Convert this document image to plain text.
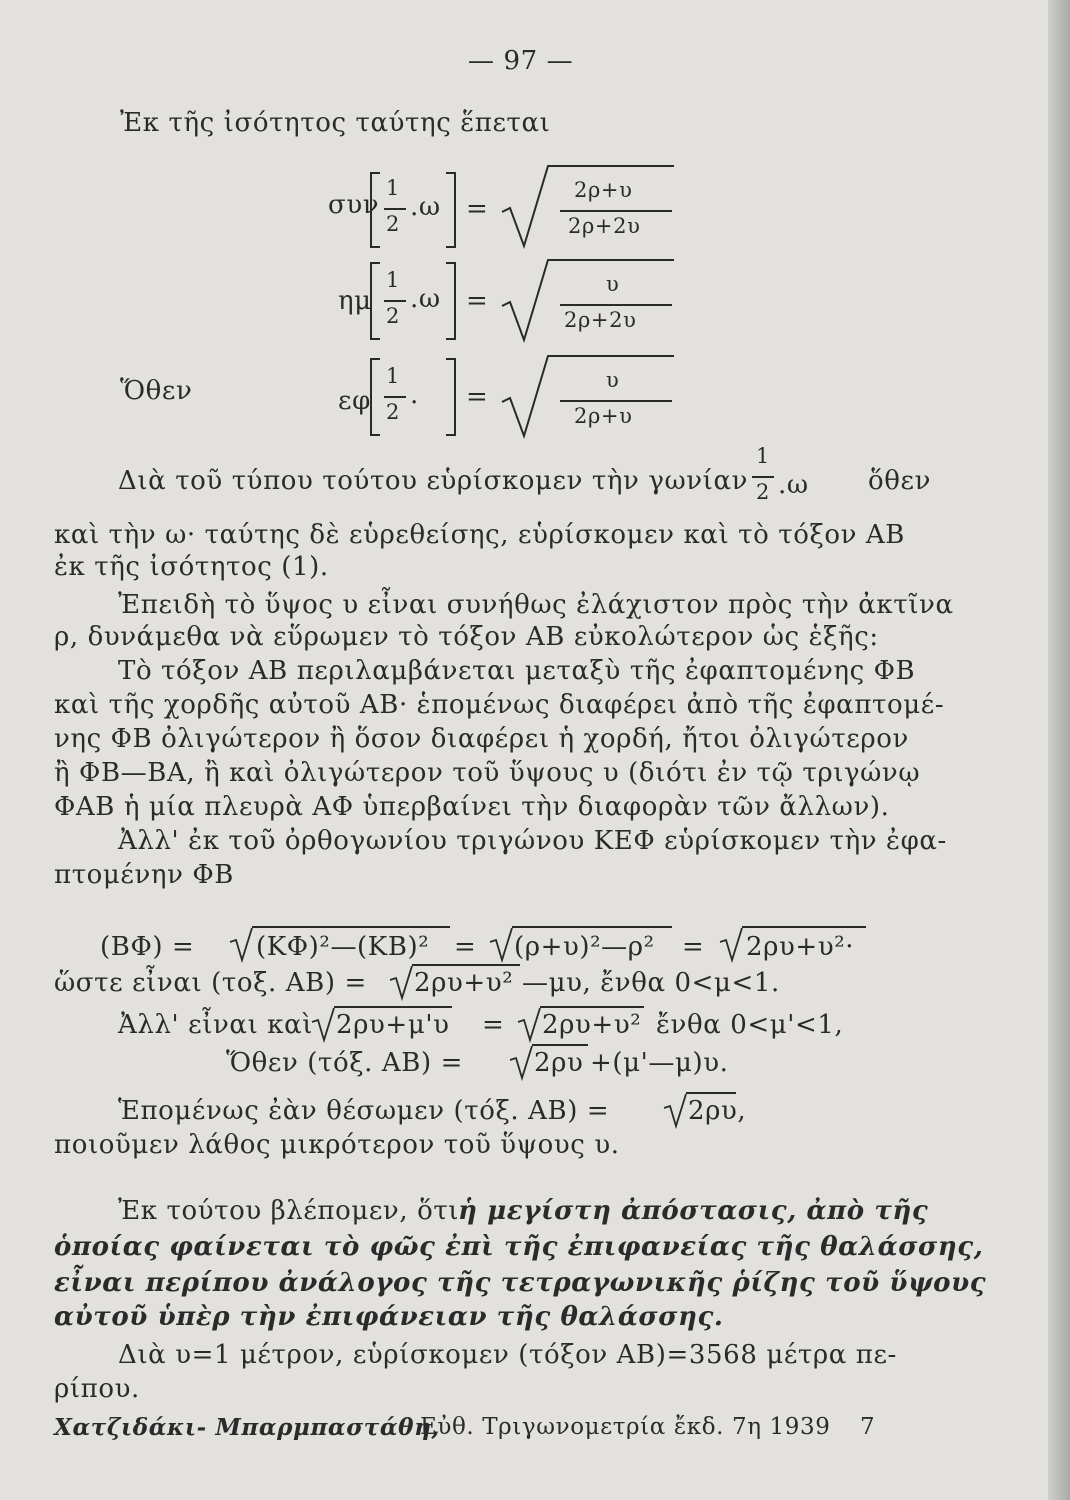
— 97 —
Ἐκ τῆς ἰσότητος ταύτης ἕπεται
συν
1
2
.ω =
2ρ+υ
2ρ+2υ
ημ
1
2
.ω =
υ
2ρ+2υ
Ὅθεν	εφ
1
2
. =
υ
2ρ+υ
Διὰ τοῦ τύπου τούτου εὑρίσκομεν τὴν γωνίαν
1
2 .ω ὅθεν
καὶ τὴν ω· ταύτης δὲ εὑρεθείσης, εὑρίσκομεν καὶ τὸ τόξον ΑΒ
ἐκ τῆς ἰσότητος (1).
Ἐπειδὴ τὸ ὕψος υ εἶναι συνήθως ἐλάχιστον πρὸς τὴν ἀκτῖνα
ρ, δυνάμεθα νὰ εὕρωμεν τὸ τόξον ΑΒ εὐκολώτερον ὡς ἑξῆς:
Τὸ τόξον ΑΒ περιλαμβάνεται μεταξὺ τῆς ἐφαπτομένης ΦΒ
καὶ τῆς χορδῆς αὐτοῦ ΑΒ· ἑπομένως διαφέρει ἀπὸ τῆς ἐφαπτομέ-
νης ΦΒ ὀλιγώτερον ἢ ὅσον διαφέρει ἡ χορδή, ἤτοι ὀλιγώτερον
ἢ ΦΒ—ΒΑ, ἢ καὶ ὀλιγώτερον τοῦ ὕψους υ (διότι ἐν τῷ τριγώνῳ
ΦΑΒ ἡ μία πλευρὰ ΑΦ ὑπερβαίνει τὴν διαφορὰν τῶν ἄλλων).
Ἀλλ' ἐκ τοῦ ὀρθογωνίου τριγώνου ΚΕΦ εὑρίσκομεν τὴν ἐφα-
πτομένην ΦΒ
(ΒΦ) = (ΚΦ)²—(ΚΒ)² = (ρ+υ)²—ρ² = 2ρυ+υ²·
ὥστε εἶναι (τοξ. ΑΒ) = 2ρυ+υ² —μυ, ἔνθα 0<μ<1.
Ἀλλ' εἶναι καὶ 2ρυ+μ'υ = 2ρυ+υ² ἔνθα 0<μ'<1,
Ὅθεν (τόξ. ΑΒ) =	2ρυ +(μ'—μ)υ.
Ἑπομένως ἐὰν θέσωμεν (τόξ. ΑΒ) =	2ρυ,
ποιοῦμεν λάθος μικρότερον τοῦ ὕψους υ.
Ἐκ τούτου βλέπομεν, ὅτι
ἡ μεγίστη ἀπόστασις, ἀπὸ τῆς
ὁποίας φαίνεται τὸ φῶς ἐπὶ τῆς ἐπιφανείας τῆς θαλάσσης,
εἶναι περίπου ἀνάλογος τῆς τετραγωνικῆς ῥίζης τοῦ ὕψους
αὐτοῦ ὑπὲρ τὴν ἐπιφάνειαν τῆς θαλάσσης.
Διὰ υ=1 μέτρον, εὑρίσκομεν (τόξον ΑΒ)=3568 μέτρα πε-
ρίπου.
Χατζιδάκι- Μπαρμπαστάθη,
Εὐθ. Τριγωνομετρία ἔκδ. 7η 1939 7
